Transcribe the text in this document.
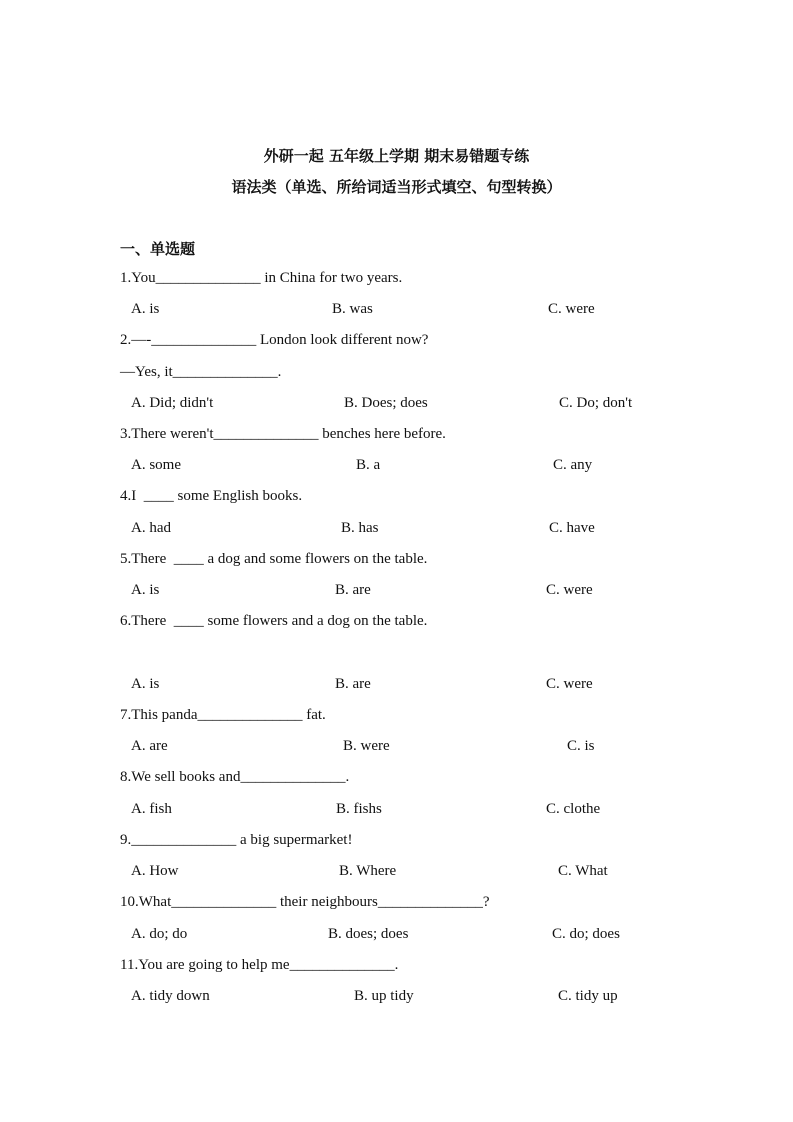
外研一起 五年级上学期 期末易错题专练
语法类（单选、所给词适当形式填空、句型转换）
一、单选题
1.You______________ in China for two years.
A. is	B. was	C. were
2.—-______________ London look different now?
—Yes, it______________.
A. Did; didn't	B. Does; does	C. Do; don't
3.There weren't______________ benches here before.
A. some	B. a	C. any
4.I  ____ some English books.
A. had	B. has	C. have
5.There  ____ a dog and some flowers on the table.
A. is	B. are	C. were
6.There  ____ some flowers and a dog on the table.
A. is	B. are	C. were
7.This panda______________ fat.
A. are	B. were	C. is
8.We sell books and______________.
A. fish	B. fishs	C. clothe
9.______________ a big supermarket!
A. How	B. Where	C. What
10.What______________ their neighbours______________?
A. do; do	B. does; does	C. do; does
11.You are going to help me______________.
A. tidy down	B. up tidy	C. tidy up
